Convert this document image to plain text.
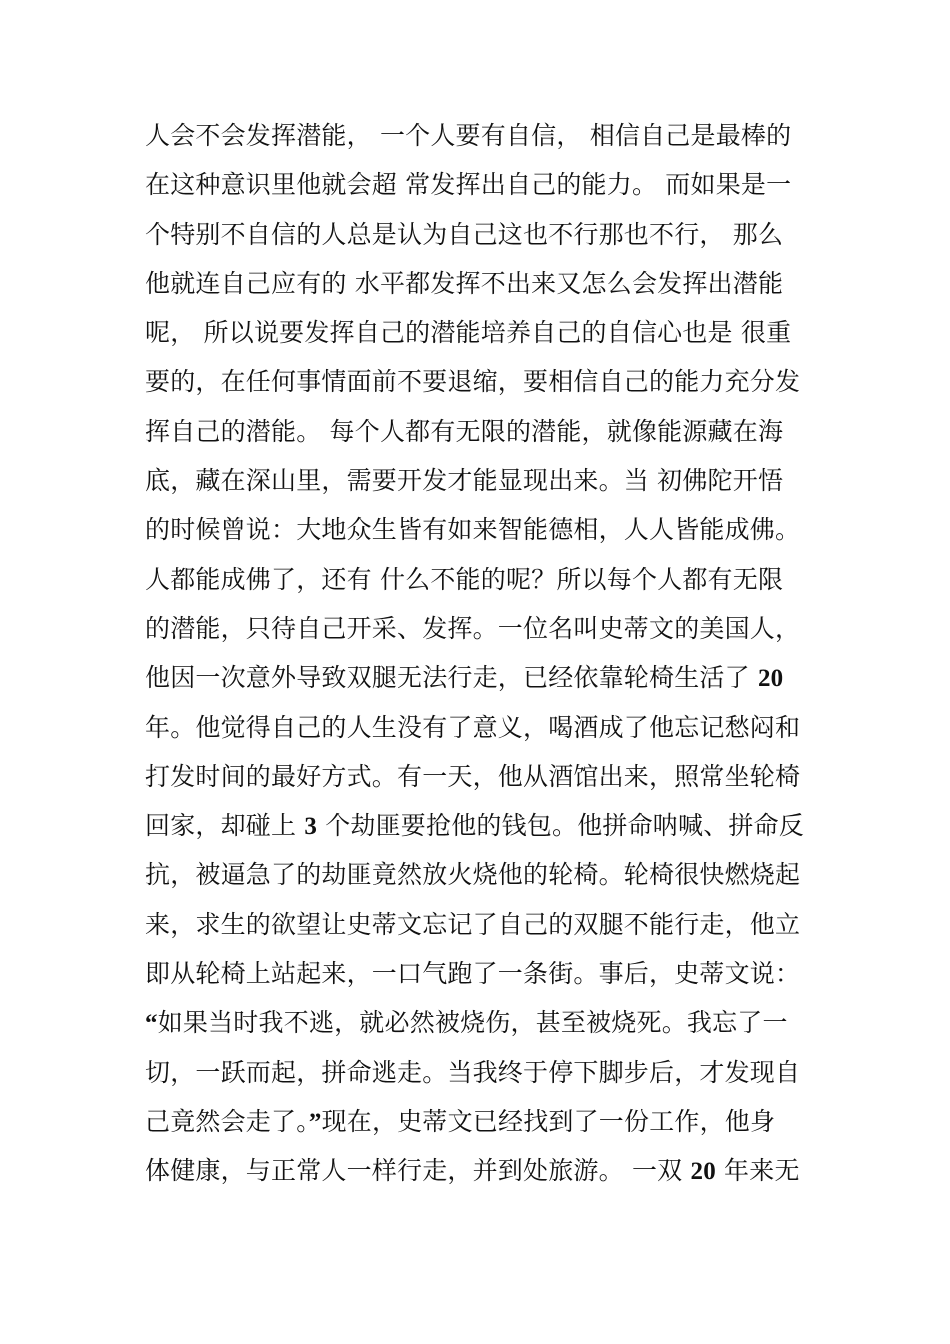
人会不会发挥潜能， 一个人要有自信， 相信自己是最棒的
在这种意识里他就会超 常发挥出自己的能力。 而如果是一
个特别不自信的人总是认为自己这也不行那也不行， 那么
他就连自己应有的 水平都发挥不出来又怎么会发挥出潜能
呢， 所以说要发挥自己的潜能培养自己的自信心也是 很重
要的，在任何事情面前不要退缩，要相信自己的能力充分发
挥自己的潜能。 每个人都有无限的潜能，就像能源藏在海
底，藏在深山里，需要开发才能显现出来。当 初佛陀开悟
的时候曾说：大地众生皆有如来智能德相，人人皆能成佛。
人都能成佛了，还有 什么不能的呢？所以每个人都有无限
的潜能，只待自己开采、发挥。一位名叫史蒂文的美国人，
他因一次意外导致双腿无法行走，已经依靠轮椅生活了 20
年。他觉得自己的人生没有了意义，喝酒成了他忘记愁闷和
打发时间的最好方式。有一天，他从酒馆出来，照常坐轮椅
回家，却碰上 3 个劫匪要抢他的钱包。他拼命呐喊、拼命反
抗，被逼急了的劫匪竟然放火烧他的轮椅。轮椅很快燃烧起
来，求生的欲望让史蒂文忘记了自己的双腿不能行走，他立
即从轮椅上站起来，一口气跑了一条街。事后，史蒂文说：
“如果当时我不逃，就必然被烧伤，甚至被烧死。我忘了一
切，一跃而起，拼命逃走。当我终于停下脚步后，才发现自
己竟然会走了。”现在，史蒂文已经找到了一份工作，他身
体健康，与正常人一样行走，并到处旅游。 一双 20 年来无
